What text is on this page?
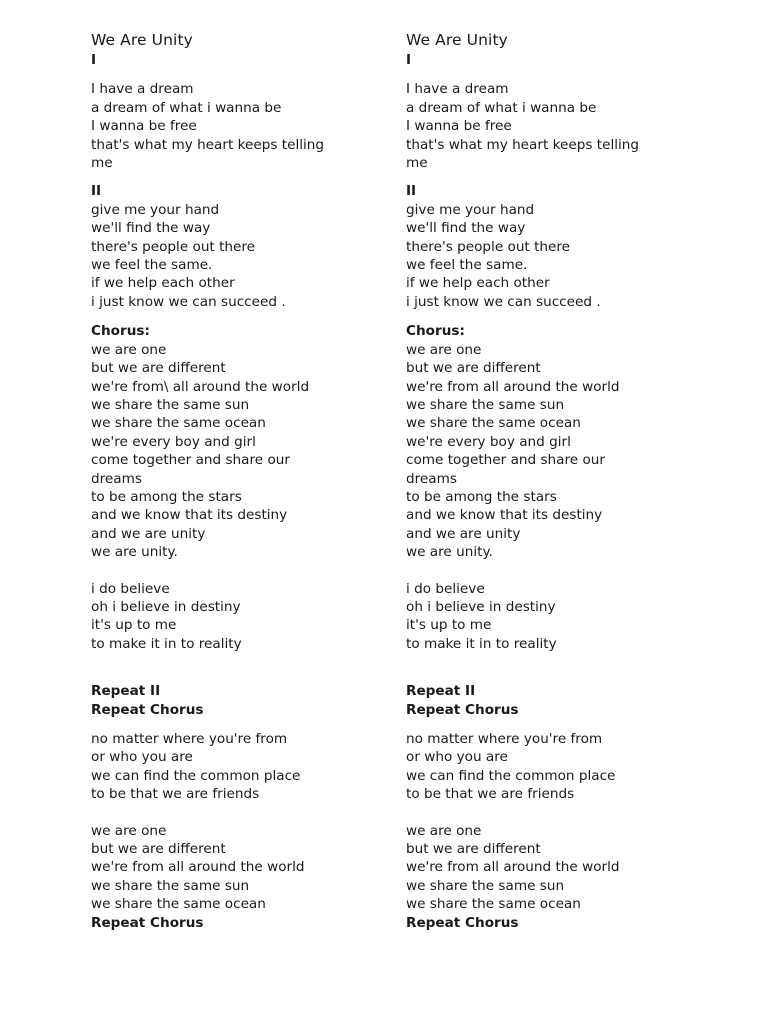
We Are Unity
I
I have a dream
a dream of what i wanna be
I wanna be free
that's what my heart keeps telling
me
II
give me your hand
we'll find the way
there's people out there
we feel the same.
if we help each other
i just know we can succeed .
Chorus:
we are one
but we are different
we're from\ all around the world
we share the same sun
we share the same ocean
we're every boy and girl
come together and share our
dreams
to be among the stars
and we know that its destiny
and we are unity
we are unity.
i do believe
oh i believe in destiny
it's up to me
to make it in to reality
Repeat II
Repeat Chorus
no matter where you're from
or who you are
we can find the common place
to be that we are friends
we are one
but we are different
we're from all around the world
we share the same sun
we share the same ocean
Repeat Chorus
We Are Unity
I
I have a dream
a dream of what i wanna be
I wanna be free
that's what my heart keeps telling
me
II
give me your hand
we'll find the way
there's people out there
we feel the same.
if we help each other
i just know we can succeed .
Chorus:
we are one
but we are different
we're from all around the world
we share the same sun
we share the same ocean
we're every boy and girl
come together and share our
dreams
to be among the stars
and we know that its destiny
and we are unity
we are unity.
i do believe
oh i believe in destiny
it's up to me
to make it in to reality
Repeat II
Repeat Chorus
no matter where you're from
or who you are
we can find the common place
to be that we are friends
we are one
but we are different
we're from all around the world
we share the same sun
we share the same ocean
Repeat Chorus
